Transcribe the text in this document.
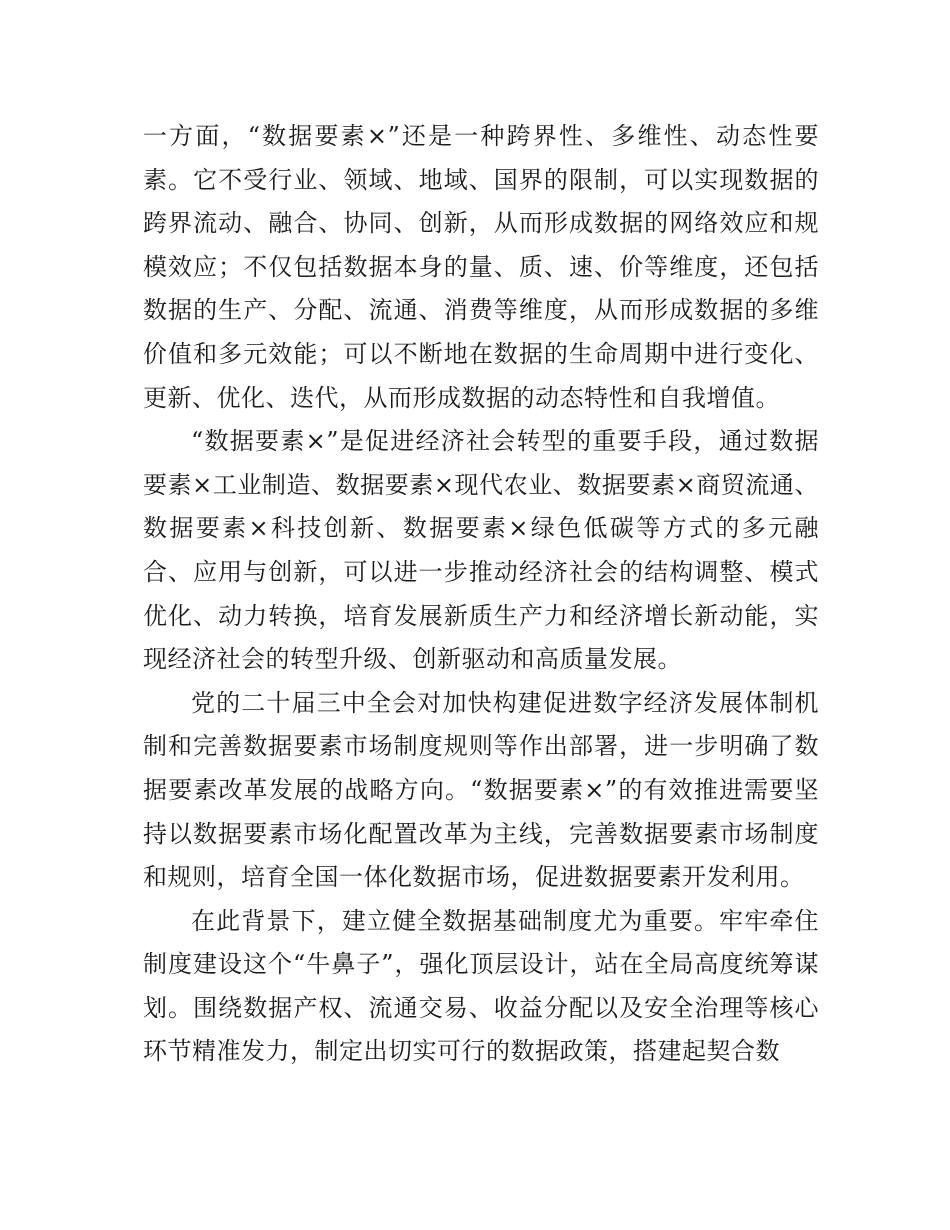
一方面，“数据要素×”还是一种跨界性、多维性、动态性要素。它不受行业、领域、地域、国界的限制，可以实现数据的跨界流动、融合、协同、创新，从而形成数据的网络效应和规模效应；不仅包括数据本身的量、质、速、价等维度，还包括数据的生产、分配、流通、消费等维度，从而形成数据的多维价值和多元效能；可以不断地在数据的生命周期中进行变化、更新、优化、迭代，从而形成数据的动态特性和自我增值。

“数据要素×”是促进经济社会转型的重要手段，通过数据要素×工业制造、数据要素×现代农业、数据要素×商贸流通、数据要素×科技创新、数据要素×绿色低碳等方式的多元融合、应用与创新，可以进一步推动经济社会的结构调整、模式优化、动力转换，培育发展新质生产力和经济增长新动能，实现经济社会的转型升级、创新驱动和高质量发展。

党的二十届三中全会对加快构建促进数字经济发展体制机制和完善数据要素市场制度规则等作出部署，进一步明确了数据要素改革发展的战略方向。“数据要素×”的有效推进需要坚持以数据要素市场化配置改革为主线，完善数据要素市场制度和规则，培育全国一体化数据市场，促进数据要素开发利用。

在此背景下，建立健全数据基础制度尤为重要。牢牢牵住制度建设这个“牛鼻子”，强化顶层设计，站在全局高度统筹谋划。围绕数据产权、流通交易、收益分配以及安全治理等核心环节精准发力，制定出切实可行的数据政策，搭建起契合数
